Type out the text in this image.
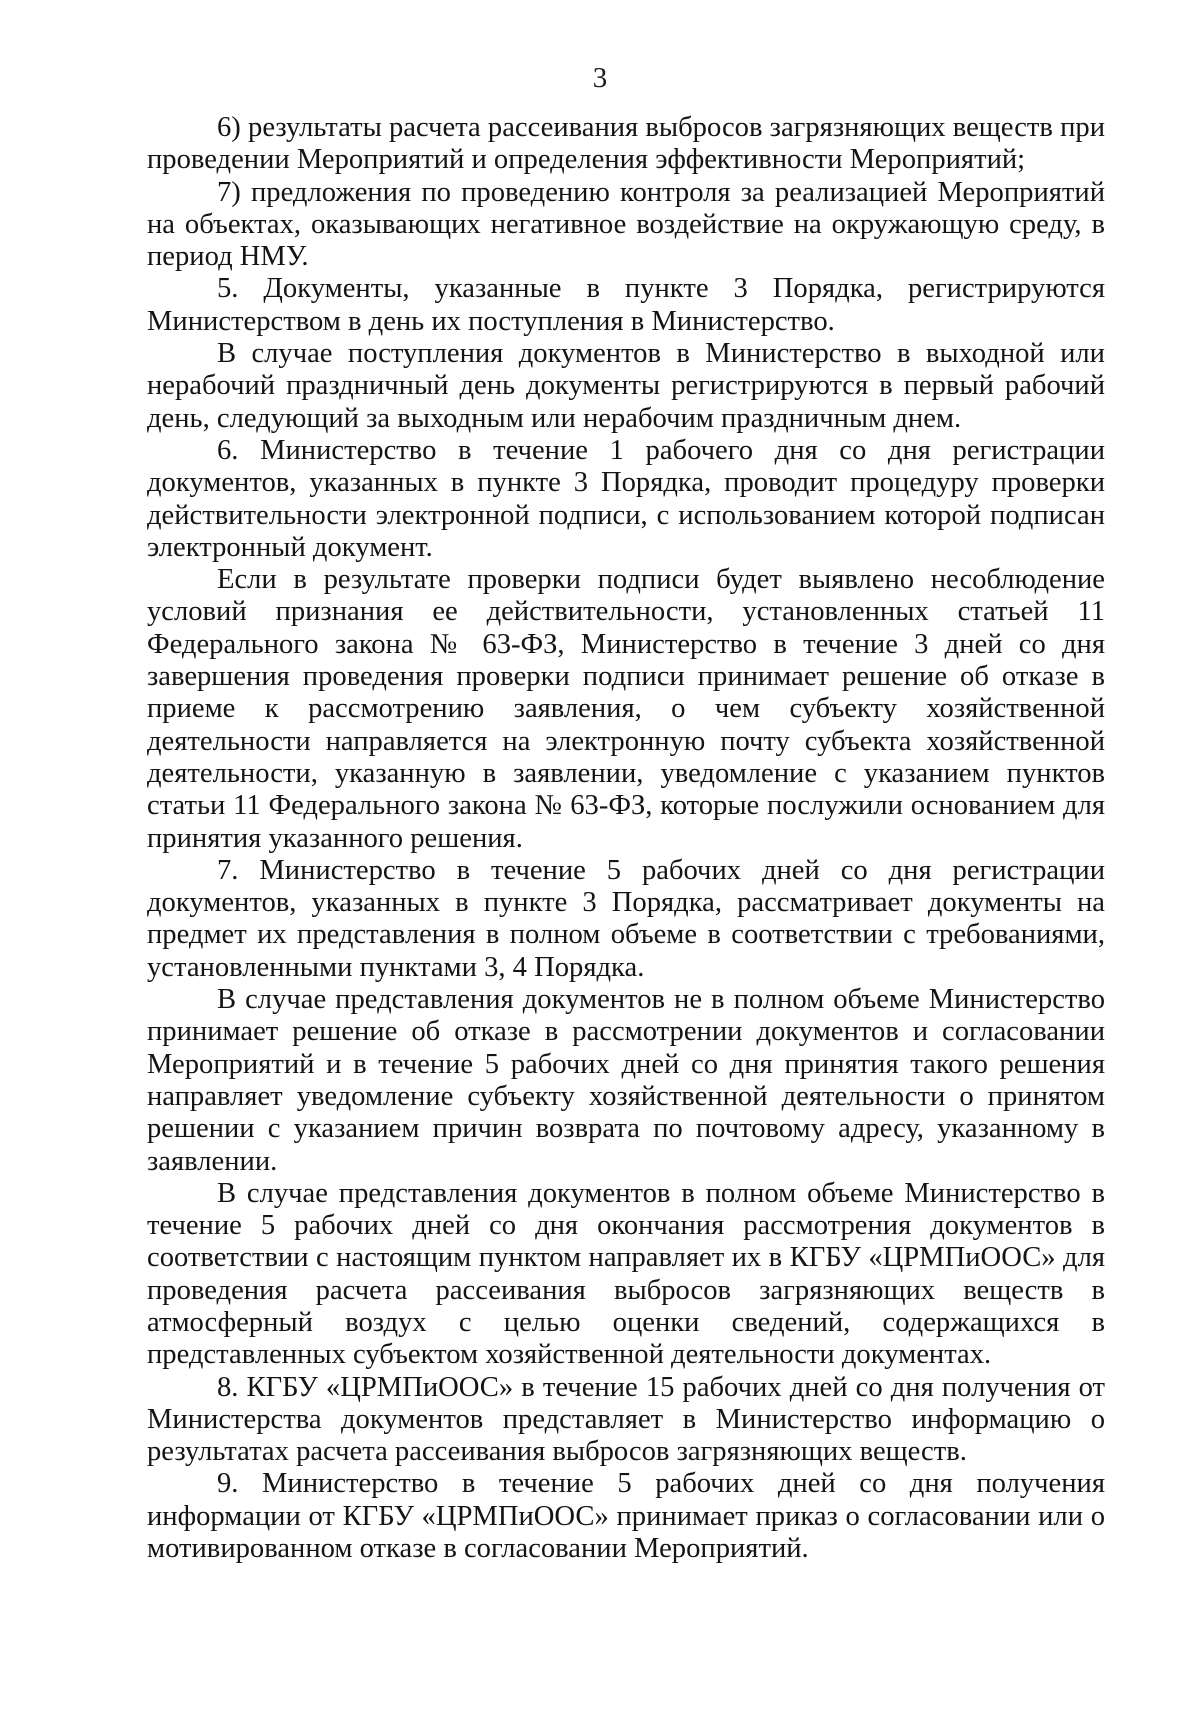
3

6) результаты расчета рассеивания выбросов загрязняющих веществ при проведении Мероприятий и определения эффективности Мероприятий;

7) предложения по проведению контроля за реализацией Мероприятий на объектах, оказывающих негативное воздействие на окружающую среду, в период НМУ.

5. Документы, указанные в пункте 3 Порядка, регистрируются Министерством в день их поступления в Министерство.

В случае поступления документов в Министерство в выходной или нерабочий праздничный день документы регистрируются в первый рабочий день, следующий за выходным или нерабочим праздничным днем.

6. Министерство в течение 1 рабочего дня со дня регистрации документов, указанных в пункте 3 Порядка, проводит процедуру проверки действительности электронной подписи, с использованием которой подписан электронный документ.

Если в результате проверки подписи будет выявлено несоблюдение условий признания ее действительности, установленных статьей 11 Федерального закона № 63-ФЗ, Министерство в течение 3 дней со дня завершения проведения проверки подписи принимает решение об отказе в приеме к рассмотрению заявления, о чем субъекту хозяйственной деятельности направляется на электронную почту субъекта хозяйственной деятельности, указанную в заявлении, уведомление с указанием пунктов статьи 11 Федерального закона № 63-ФЗ, которые послужили основанием для принятия указанного решения.

7. Министерство в течение 5 рабочих дней со дня регистрации документов, указанных в пункте 3 Порядка, рассматривает документы на предмет их представления в полном объеме в соответствии с требованиями, установленными пунктами 3, 4 Порядка.

В случае представления документов не в полном объеме Министерство принимает решение об отказе в рассмотрении документов и согласовании Мероприятий и в течение 5 рабочих дней со дня принятия такого решения направляет уведомление субъекту хозяйственной деятельности о принятом решении с указанием причин возврата по почтовому адресу, указанному в заявлении.

В случае представления документов в полном объеме Министерство в течение 5 рабочих дней со дня окончания рассмотрения документов в соответствии с настоящим пунктом направляет их в КГБУ «ЦРМПиООС» для проведения расчета рассеивания выбросов загрязняющих веществ в атмосферный воздух с целью оценки сведений, содержащихся в представленных субъектом хозяйственной деятельности документах.

8. КГБУ «ЦРМПиООС» в течение 15 рабочих дней со дня получения от Министерства документов представляет в Министерство информацию о результатах расчета рассеивания выбросов загрязняющих веществ.

9. Министерство в течение 5 рабочих дней со дня получения информации от КГБУ «ЦРМПиООС» принимает приказ о согласовании или о мотивированном отказе в согласовании Мероприятий.
